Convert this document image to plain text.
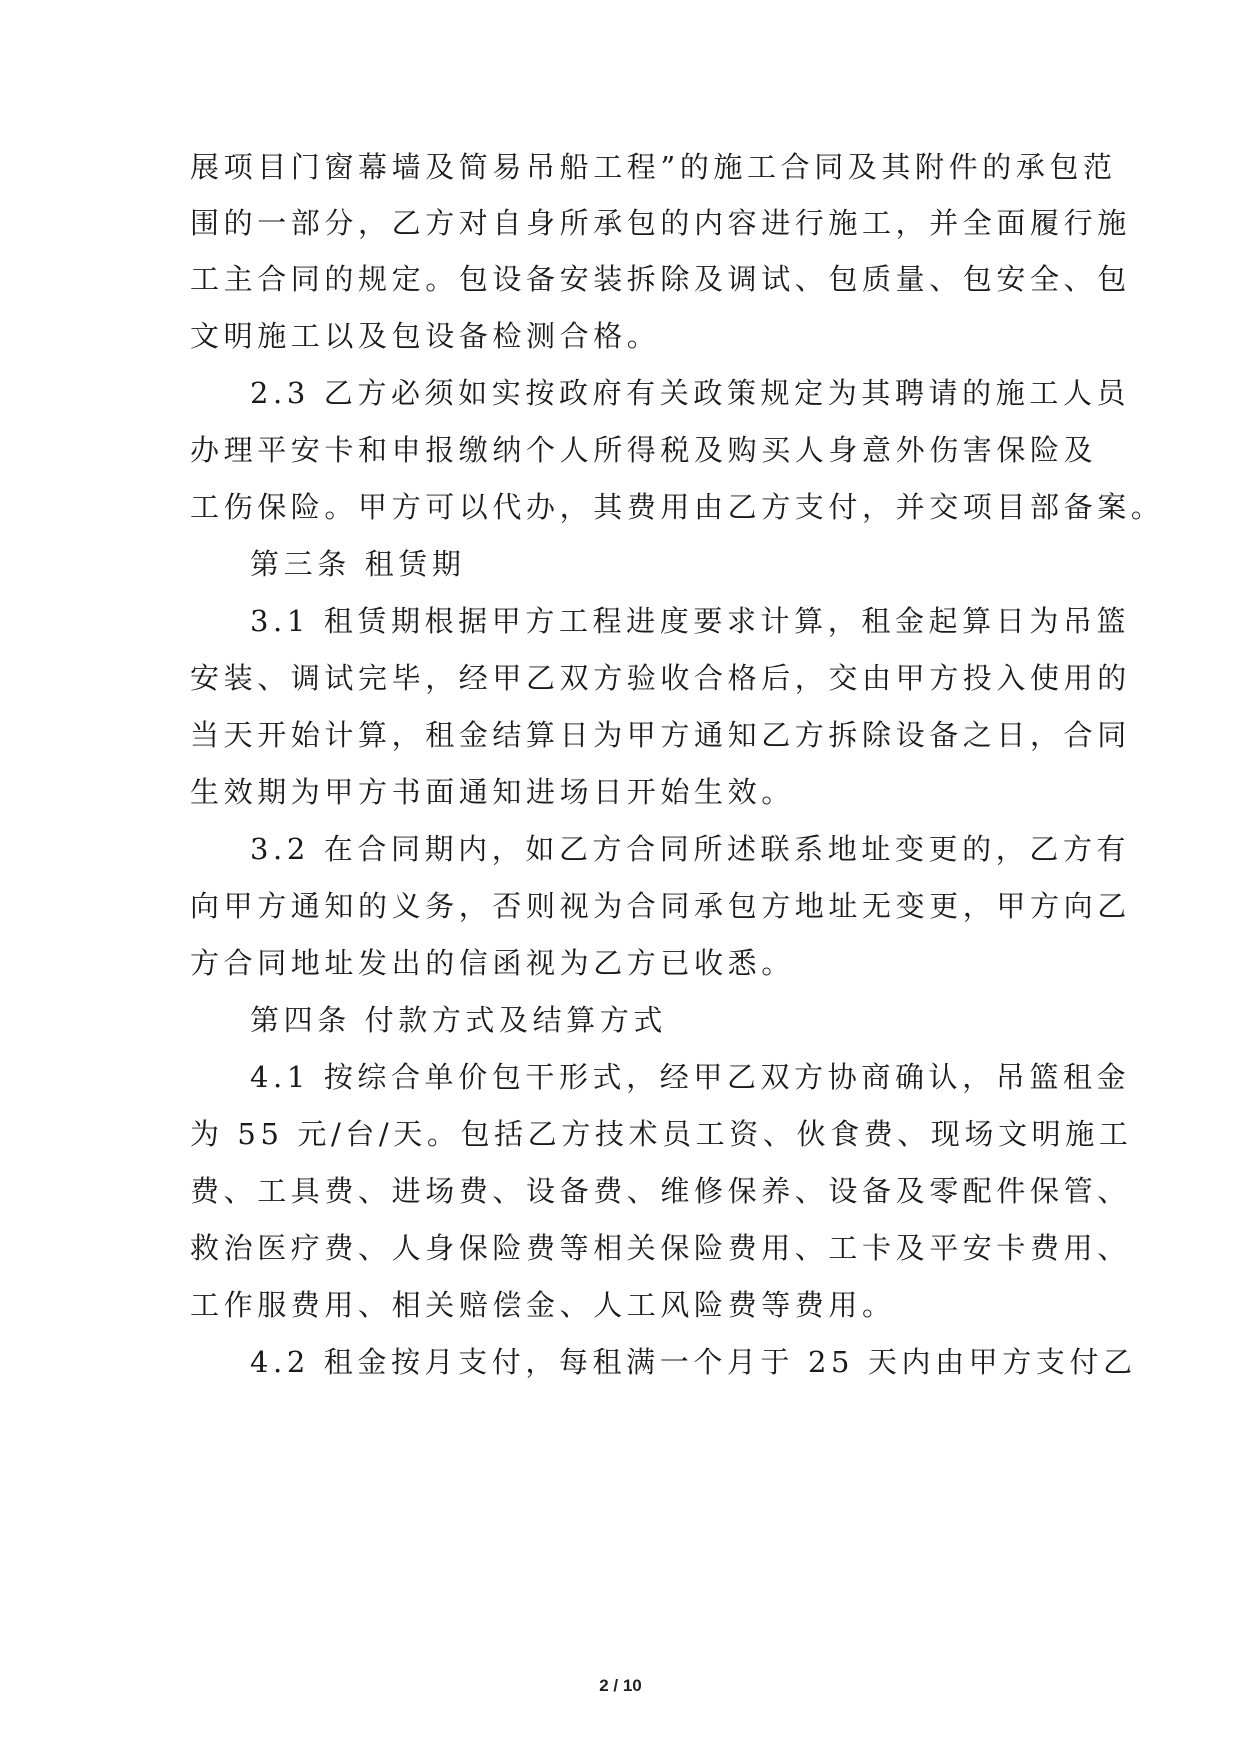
展项目门窗幕墙及简易吊船工程”的施工合同及其附件的承包范
围的一部分，乙方对自身所承包的内容进行施工，并全面履行施
工主合同的规定。包设备安装拆除及调试、包质量、包安全、包
文明施工以及包设备检测合格。
2.3 乙方必须如实按政府有关政策规定为其聘请的施工人员
办理平安卡和申报缴纳个人所得税及购买人身意外伤害保险及
工伤保险。甲方可以代办，其费用由乙方支付，并交项目部备案。
第三条 租赁期
3.1 租赁期根据甲方工程进度要求计算，租金起算日为吊篮
安装、调试完毕，经甲乙双方验收合格后，交由甲方投入使用的
当天开始计算，租金结算日为甲方通知乙方拆除设备之日，合同
生效期为甲方书面通知进场日开始生效。
3.2 在合同期内，如乙方合同所述联系地址变更的，乙方有
向甲方通知的义务，否则视为合同承包方地址无变更，甲方向乙
方合同地址发出的信函视为乙方已收悉。
第四条 付款方式及结算方式
4.1 按综合单价包干形式，经甲乙双方协商确认，吊篮租金
为 55 元/台/天。包括乙方技术员工资、伙食费、现场文明施工
费、工具费、进场费、设备费、维修保养、设备及零配件保管、
救治医疗费、人身保险费等相关保险费用、工卡及平安卡费用、
工作服费用、相关赔偿金、人工风险费等费用。
4.2 租金按月支付，每租满一个月于 25 天内由甲方支付乙
2 / 10
